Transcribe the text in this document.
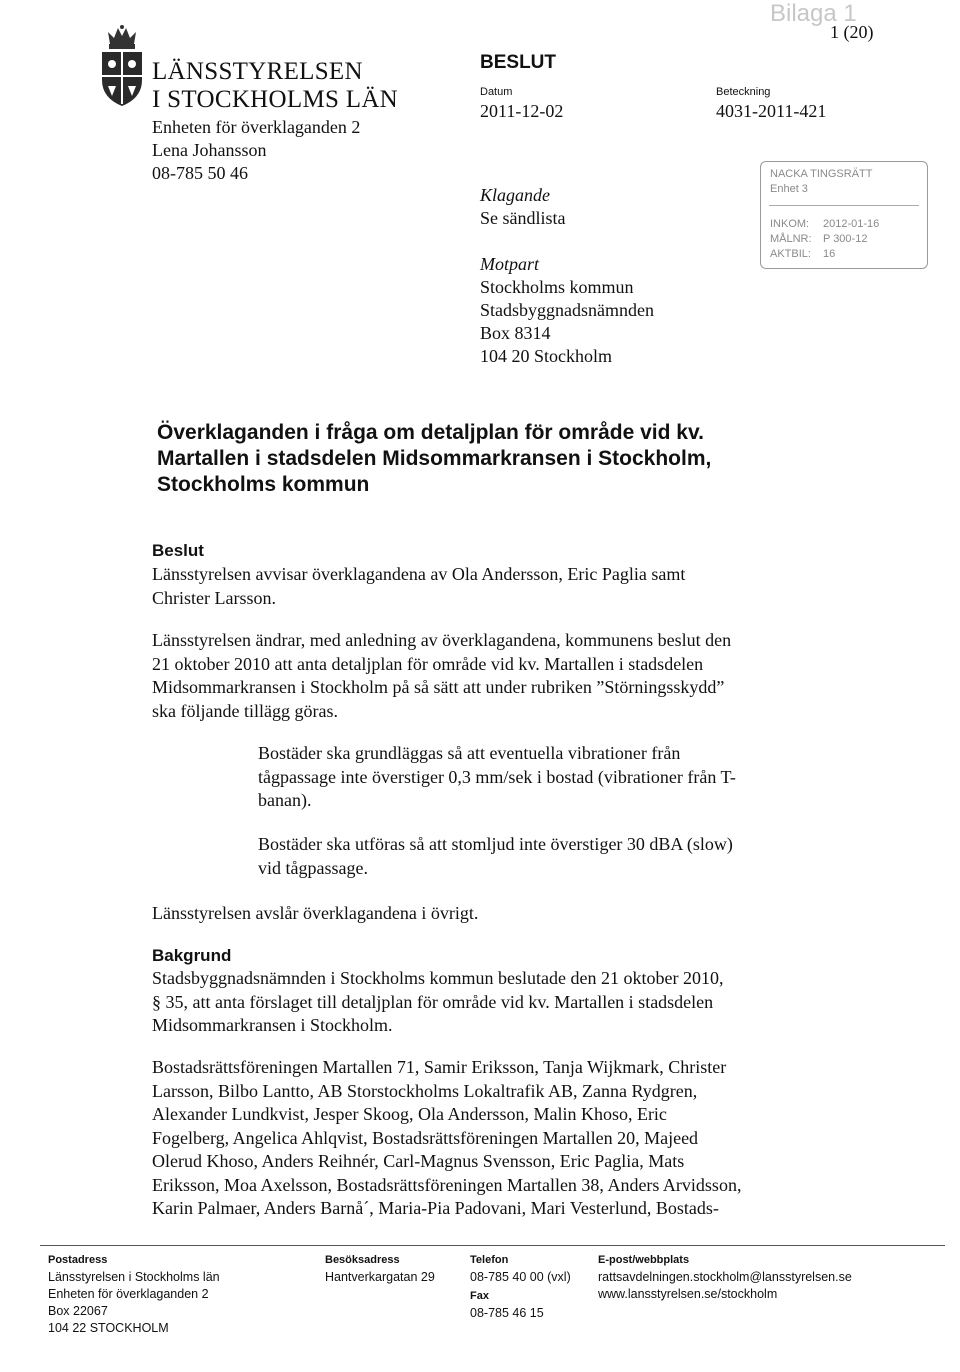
LÄNSSTYRELSEN
I STOCKHOLMS LÄN
Enheten för överklaganden 2
Lena Johansson
08-785 50 46
BESLUT
Datum
2011-12-02
Beteckning
4031-2011-421
Bilaga 1
1 (20)
NACKA TINGSRÄTT
Enhet 3
INKOM: 2012-01-16
MÅLNR: P 300-12
AKTBIL: 16
Klagande
Se sändlista
Motpart
Stockholms kommun
Stadsbyggnadsnämnden
Box 8314
104 20 Stockholm
Överklaganden i fråga om detaljplan för område vid kv.
Martallen i stadsdelen Midsommarkransen i Stockholm,
Stockholms kommun
Beslut
Länsstyrelsen avvisar överklagandena av Ola Andersson, Eric Paglia samt
Christer Larsson.
Länsstyrelsen ändrar, med anledning av överklagandena, kommunens beslut den
21 oktober 2010 att anta detaljplan för område vid kv. Martallen i stadsdelen
Midsommarkransen i Stockholm på så sätt att under rubriken ”Störningsskydd”
ska följande tillägg göras.
Bostäder ska grundläggas så att eventuella vibrationer från
tågpassage inte överstiger 0,3 mm/sek i bostad (vibrationer från T-
banan).
Bostäder ska utföras så att stomljud inte överstiger 30 dBA (slow)
vid tågpassage.
Länsstyrelsen avslår överklagandena i övrigt.
Bakgrund
Stadsbyggnadsnämnden i Stockholms kommun beslutade den 21 oktober 2010,
§ 35, att anta förslaget till detaljplan för område vid kv. Martallen i stadsdelen
Midsommarkransen i Stockholm.
Bostadsrättsföreningen Martallen 71, Samir Eriksson, Tanja Wijkmark, Christer
Larsson, Bilbo Lantto, AB Storstockholms Lokaltrafik AB, Zanna Rydgren,
Alexander Lundkvist, Jesper Skoog, Ola Andersson, Malin Khoso, Eric
Fogelberg, Angelica Ahlqvist, Bostadsrättsföreningen Martallen 20, Majeed
Olerud Khoso, Anders Reihnér, Carl-Magnus Svensson, Eric Paglia, Mats
Eriksson, Moa Axelsson, Bostadsrättsföreningen Martallen 38, Anders Arvidsson,
Karin Palmaer, Anders Barnå´, Maria-Pia Padovani, Mari Vesterlund, Bostads-
Postadress
Länsstyrelsen i Stockholms län
Enheten för överklaganden 2
Box 22067
104 22 STOCKHOLM
Besöksadress
Hantverkargatan 29
Telefon
08-785 40 00 (vxl)
Fax
08-785 46 15
E-post/webbplats
rattsavdelningen.stockholm@lansstyrelsen.se
www.lansstyrelsen.se/stockholm
